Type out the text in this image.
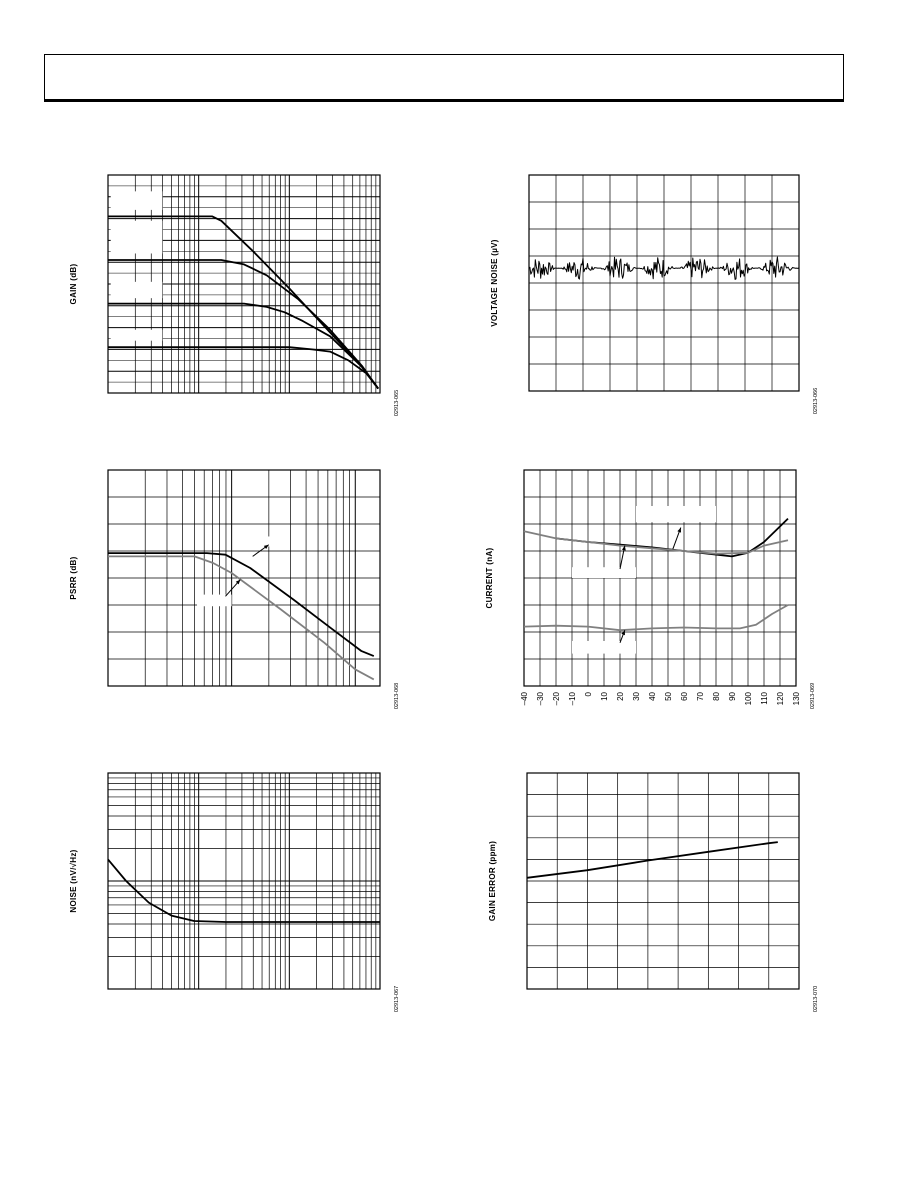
GAIN (dB)
02913-065
VOLTAGE NOISE (µV)
02913-066
PSRR (dB)
02913-068
CURRENT (nA)
02913-069
–40 –30 –20 –10 0 10 20 30 40 50 60 70 80 90 100 110 120 130
NOISE (nV/√Hz)
02913-067
GAIN ERROR (ppm)
02913-070
